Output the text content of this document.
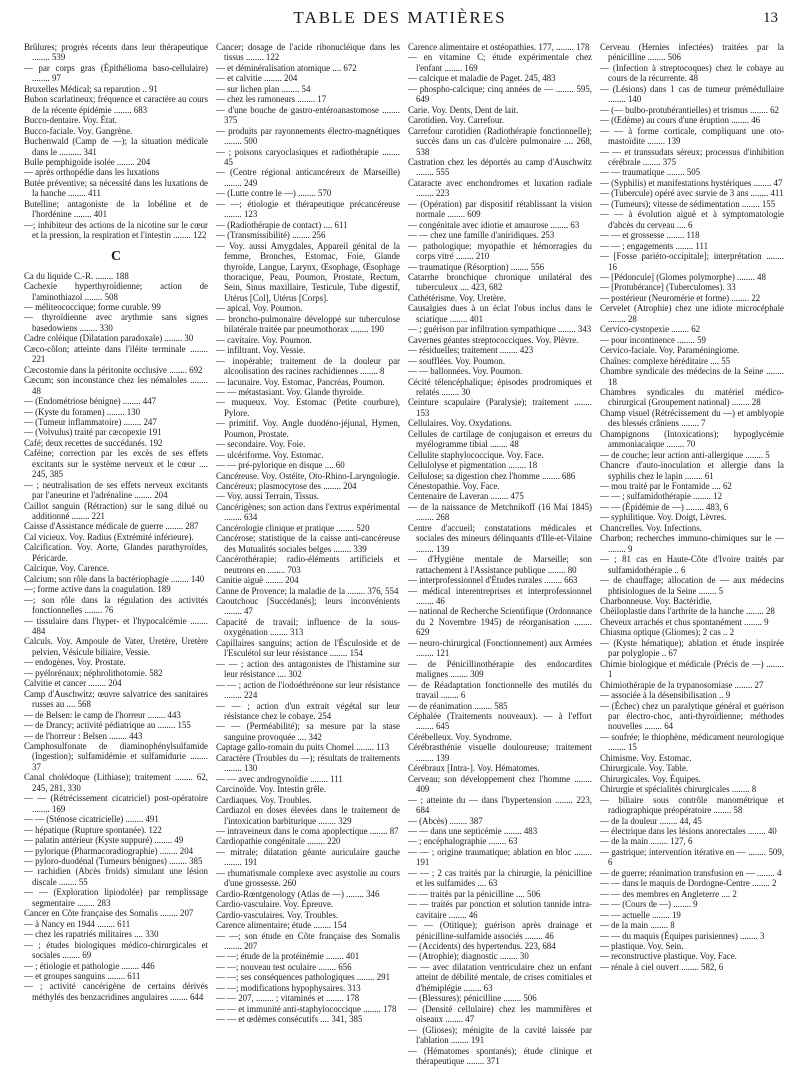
TABLE DES MATIÈRES	13

Brûlures; progrès récents dans leur thérapeutique ........ 539

— par corps gras (Épithélioma baso-cellulaire) ........ 97

Bruxelles Médical; sa reparution .. 91

Bubon scarlatineux; fréquence et caractère au cours de la récente épidémie ........ 683

Bucco-dentaire. Voy. État.

Bucco-faciale. Voy. Gangrène.

Buchenwald (Camp de —); la situation médicale dans le .......... 341

Bulle pemphigoïde isolée ........ 204

— après orthopédie dans les luxations

Butée préventive; sa nécessité dans les luxations de la hanche ........ 411

Butelline; antagoniste de la lobéline et de l'hordénine ........ 401

—; inhibiteur des actions de la nicotine sur le cœur et la pression, la respiration et l'intestin ........ 122

C

Ca du liquide C.-R. ........ 188

Cachexie hyperthyroïdienne; action de l'aminothiazol ........ 508

— méliteococcique; forme curable. 99

— thyroïdienne avec arythmie sans signes basedowiens ........ 330

Cadre coléique (Dilatation paradoxale) ........ 30

Cæco-côlon; atteinte dans l'iléite terminale ........ 221

Cæcostomie dans la péritonite occlusive ........ 692

Cæcum; son inconstance chez les némaloles ........ 48

— (Endométriose bénigne) ........ 447

— (Kyste du foramen) ........ 130

— (Tumeur inflammatoire) ........ 247

— (Volvulus) traité par cæcopexie 191

Café; deux recettes de succédanés. 192

Caféine; correction par les excès de ses effets excitants sur le système nerveux et le cœur .... 245, 385

— ; neutralisation de ses effets nerveux excitants par l'aneurine et l'adrénaline ........ 204

Caillot sanguin (Rétraction) sur le sang dilué ou additionné ........ 221

Caisse d'Assistance médicale de guerre ........ 287

Cal vicieux. Voy. Radius (Extrémité inférieure).

Calcification. Voy. Aorte, Glandes parathyroïdes, Péricarde.

Calcique. Voy. Carence.

Calcium; son rôle dans la bactériophagie ........ 140

—; forme active dans la coagulation. 189

—; son rôle dans la régulation des activités fonctionnelles ........ 76

— tissulaire dans l'hyper- et l'hypocalcémie ........ 484

Calculs. Voy. Ampoule de Vater, Uretère, Uretère pelvien, Vésicule biliaire, Vessie.

— endogènes. Voy. Prostate.

— pyélorénaux; néphrolithotomie. 582

Calvitie et cancer ........ 204

Camp d'Auschwitz; œuvre salvatrice des sanitaires russes au .... 568

— de Belsen: le camp de l'horreur ........ 443

— de Drancy; activité pédiatrique au ........ 155

— de l'horreur : Belsen ........ 443

Camphosulfonate de diaminophénylsulfamide (Ingestion); sulfamidémie et sulfamidurie ........ 37

Canal cholédoque (Lithiase); traitement ........ 62, 245, 281, 330

— — (Rétrécissement cicatriciel) post-opératoire ........ 169

— — (Sténose cicatricielle) ........ 491

— hépatique (Rupture spontanée). 122

— palatin antérieur (Kyste suppuré) ........ 49

— pylorique (Pharmacoradiographie) ........ 204

— pyloro-duodénal (Tumeurs bénignes) ........ 385

— rachidien (Abcès froids) simulant une lésion discale ........ 55

— — (Exploration lipiodolée) par remplissage segmentaire ........ 283

Cancer en Côte française des Somalis ........ 207

— à Nancy en 1944 ........ 611

— chez les rapatriés militaires .... 330

— ; études biologiques médico-chirurgicales et sociales ........ 69

— ; étiologie et pathologie ........ 446

— et groupes sanguins ........ 611

— ; activité cancérigène de certains dérivés méthylés des benzacridines angulaires ........ 644

Cancer; dosage de l'acide ribonucléique dans les tissus ........ 122

— et déminéralisation atomique .... 672

— et calvitie ........ 204

— sur lichen plan ........ 54

— chez les ramoneurs ........ 17

— d'une bouche de gastro-entéroanastomose ........ 375

— produits par rayonnements électro-magnétiques ........ 500

— ; poisons caryoclasiques et radiothérapie ........ 45

— (Centre régional anticancéreux de Marseille) ........ 249

— (Lutte contre le —) ........ 570

— —; étiologie et thérapeutique précancéreuse ........ 123

— (Radiothérapie de contact) .... 611

— (Transmissibilité) ........ 256

— Voy. aussi Amygdales, Appareil génital de la femme, Bronches, Estomac, Foie, Glande thyroïde, Langue, Larynx, Œsophage, Œsophage thoracique, Peau, Poumon, Prostate, Rectum, Sein, Sinus maxillaire, Testicule, Tube digestif, Utérus [Col], Utérus [Corps].

— apical. Voy. Poumon.

— broncho-pulmonaire développé sur tuberculose bilatérale traitée par pneumothorax ........ 190

— cavitaire. Voy. Poumon.

— infiltrant. Voy. Vessie.

— inopérable; traitement de la douleur par alcoolisation des racines rachidiennes ........ 8

— lacunaire. Voy. Estomac, Pancréas, Poumon.

— — métastasiant. Voy. Glande thyroïde.

— muqueux. Voy. Estomac (Petite courbure), Pylore.

— primitif. Voy. Angle duodéno-jéjunal, Hymen, Poumon, Prostate.

— secondaire. Voy. Foie.

— ulcériforme. Voy. Estomac.

— — pré-pylorique en disque .... 60

Cancéreuse. Voy. Ostéite, Oto-Rhino-Laryngologie.

Cancéreux; plasmocytose des ........ 204

— Voy. aussi Terrain, Tissus.

Cancérigènes; son action dans l'extrus expérimental ........ 634

Cancérologie clinique et pratique ........ 520

Cancérose; statistique de la caisse anti-cancéreuse des Mutualités sociales belges ........ 339

Cancérothérapie; radio-éléments artificiels et neutrons en ........ 703

Canitie aiguë ........ 204

Canne de Provence; la maladie de la ........ 376, 554

Caoutchouc [Succédanés]; leurs inconvénients ........ 47

Capacité de travail; influence de la sous-oxygénation ........ 313

Capillaires sanguins; action de l'Ésculoside et de l'Esculétol sur leur résistance ........ 154

— — ; action des antagonistes de l'histamine sur leur résistance .... 302

— — ; action de l'iodoéthrénone sur leur résistance ........ 224

— — ; action d'un extrait végétal sur leur résistance chez le cobaye. 254

— — (Perméabilité); sa mesure par la stase sanguine provoquée .... 342

Captage gallo-romain du puits Chomel ........ 113

Caractère (Troubles du —); résultats de traitements ........ 130

— — avec androgynoïdie ........ 111

Carcinoïde. Voy. Intestin grêle.

Cardiaques. Voy. Troubles.

Cardiazol en doses élevées dans le traitement de l'intoxication barbiturique ........ 329

— intraveineux dans le coma apoplectique ........ 87

Cardiopathie congénitale ........ 220

— mitrale; dilatation géante auriculaire gauche ........ 191

— rhumatismale complexe avec asystolie au cours d'une grossesse. 260

Cardio-Rœntgenology (Atlas de —) ........ 346

Cardio-vasculaire. Voy. Épreuve.

Cardio-vasculaires. Voy. Troubles.

Carence alimentaire; étude ........ 154

— —; son étude en Côte française des Somalis ........ 207

— —; étude de la protéinémie ........ 401

— —; nouveau test oculaire ........ 656

— —; ses conséquences pathologiques ........ 291

— —; modifications hypophysaires. 313

— — 207, ........ ; vitaminés et ........ 178

— — et immunité anti-staphylococcique ........ 178

— — et œdèmes consécutifs .... 341, 385

Carence alimentaire et ostéopathies. 177, ........ 178

— en vitamine C; étude expérimentale chez l'enfant ........ 169

— calcique et maladie de Paget. 245, 483

— phospho-calcique; cinq années de — ........ 595, 649

Carie. Voy. Dents, Dent de lait.

Carotidien. Voy. Carrefour.

Carrefour carotidien (Radiothérapie fonctionnelle); succès dans un cas d'ulcère pulmonaire .... 268, 538

Castration chez les déportés au camp d'Auschwitz ........ 555

Cataracte avec enchondromes et luxation radiale ........ 223

— (Opération) par dispositif rétablissant la vision normale ........ 609

— congénitale avec idiotie et amaurose ........ 63

— — chez une famille d'aniridiques. 253

— pathologique; myopathie et hémorragies du corps vitré ........ 210

— traumatique (Résorption) ........ 556

Catarrhe bronchique chronique unilatéral des tuberculeux .... 423, 682

Cathétérisme. Voy. Uretère.

Causalgies dues à un éclat l'obus inclus dans le sciatique ........ 401

— ; guérison par infiltration sympathique ........ 343

Cavernes géantes streptococciques. Voy. Plèvre.

— résiduelles; traitement ........ 423

— soufflées. Voy. Poumon.

— — ballonnées. Voy. Poumon.

Cécité télencéphalique; épisodes prodromiques et relatés ........ 30

Ceinture scapulaire (Paralysie); traitement ........ 153

Cellulaires. Voy. Oxydations.

Cellules de cartilage de conjugaison et erreurs du myélogramme tibial ........ 48

Cellulite staphylococcique. Voy. Face.

Cellulolyse et pigmentation ........ 18

Cellulose; sa digestion chez l'homme ........ 686

Cénestopathie. Voy. Face.

Centenaire de Laveran ........ 475

— de la naissance de Metchnikoff (16 Mai 1845) ........ 268

Centre d'accueil; constatations médicales et sociales des mineurs délinquants d'Ille-et-Vilaine ........ 139

— d'Hygiène mentale de Marseille; son rattachement à l'Assistance publique ........ 80

— interprofessionnel d'Études rurales ........ 663

— médical interentreprises et interprofessionnel ........ 46

— national de Recherche Scientifique (Ordonnance du 2 Novembre 1945) de réorganisation ........ 629

— neuro-chirurgical (Fonctionnement) aux Armées ........ 121

— de Pénicillinothérapie des endocardites malignes ........ 309

— de Réadaptation fonctionnelle des mutilés du travail ........ 6

— de réanimation ........ 585

Céphalée (Traitements nouveaux). — à l'effort ........ 645

Cérébelleux. Voy. Syndrome.

Cérébrasthénie visuelle douloureuse; traitement ........ 139

Cérébraux [Intra-]. Voy. Hématomes.

Cerveau; son développement chez l'homme ........ 409

— ; atteinte du — dans l'hypertension ........ 223, 684

— (Abcès) ........ 387

— — dans une septicémie ........ 483

— ; encéphalographie ........ 63

— — ; origine traumatique; ablation en bloc ........ 191

— — ; 2 cas traités par la chirurgie, la pénicilline et les sulfamides .... 63

— — traités par la pénicilline .... 506

— — traités par ponction et solution tannide intra-cavitaire ........ 46

— — (Otitique); guérison après drainage et pénicilline-sulfamide associés ........ 46

— (Accidents) des hypertendus. 223, 684

— (Atrophie); diagnostic ........ 30

— — avec dilatation ventriculaire chez un enfant atteint de débilité mentale, de crises comitiales et d'hémiplégie ........ 63

— (Blessures); pénicilline ........ 506

— (Densité cellulaire) chez les mammifères et oiseaux ........ 47

— (Glioses); ménigite de la cavité laissée par l'ablation ........ 191

— (Hématomes spontanés); étude clinique et thérapeutique ........ 371

Cerveau (Hernies infectées) traitées par la pénicilline ........ 506

— (Infection à streptocoques) chez le cobaye au cours de la récurrente. 48

— (Lésions) dans 1 cas de tumeur prémédullaire ........ 140

— (— bulbo-protubérantielles) et trismus ........ 62

— (Œdème) au cours d'une éruption ........ 46

— — à forme corticale, compliquant une oto-mastoïdite ........ 139

— — et transsudats séreux; processus d'inhibition cérébrale ........ 375

— — traumatique ........ 505

— (Syphilis) et manifestations hystériques ........ 47

— (Tubercule) opéré avec survie de 3 ans ........ 411

— (Tumeurs); vitesse de sédimentation ........ 155

— — à évolution aiguë et à symptomatologie d'abcès du cerveau .... 6

— — et grossesse ........ 118

— — ; engagements ........ 111

— [Fosse pariéto-occipitale]; interprétation ........ 16

— [Pédoncule] (Glomes polymorphe) ........ 48

— [Protubérance] (Tuberculomes). 33

— postérieur (Neuromérie et forme) ........ 22

Cervelet (Atrophie) chez une idiote microcéphale ........ 28

Cervico-cystopexie ........ 62

— pour incontinence ........ 59

Cervico-faciale. Voy. Paraméningiome.

Chaînes: complexe héréditaire .... 55

Chambre syndicale des médecins de la Seine ........ 18

Chambres syndicales du matériel médico-chirurgical (Groupement national) ........ 28

Champ visuel (Rétrécissement du —) et amblyopie des blessés crâniens ........ 7

Champignons (Intoxications); hypoglycémie ammoniacaïque ........ 70

— de couche; leur action anti-allergique ........ 5

Chancre d'auto-inoculation et allergie dans la syphilis chez le lapin ........ 61

— mou traité par le Fontamide .... 62

— — ; sulfamidothérapie ........ 12

— — (Épidémie de —) ........ 483, 6

— syphilitique. Voy. Doigt, Lèvres.

Chancrelles. Voy. Infections.

Charbon; recherches immuno-chimiques sur le — ........ 9

— ; 81 cas en Haute-Côte d'Ivoire traités par sulfamidothérapie .. 6

— de chauffage; allocation de — aux médecins phtisiologues de la Seine ........ 5

Charbonneuse. Voy. Bactéridie.

Chéiloplastie dans l'arthrite de la hanche ........ 28

Cheveux arrachés et chus spontanément ........ 9

Chiasma optique (Gliomes); 2 cas .. 2

— (Kyste hématique); ablation et étude inspirée par polyglopie .. 67

Chimie biologique et médicale (Précis de —) ........ 1

Chimiothérapie de la trypanosomiase ........ 27

— associée à la désensibilisation .. 9

— (Échec) chez un paralytique général et guérison par électro-choc, anti-thyroïdienne; méthodes nouvelles ........ 64

— soufrée; le thiophène, médicament neurologique ........ 15

Chimisme. Voy. Estomac.

Chirurgicale. Voy. Table.

Chirurgicales. Voy. Équipes.

Chirurgie et spécialités chirurgicales ........ 8

— biliaire sous contrôle manométrique et radiographique préopératoire ........ 58

— de la douleur ........ 44, 45

— électrique dans les lésions anorectales ........ 40

— de la main ........ 127, 6

— gastrique; intervention itérative en — ........ 509, 6

— de guerre; réanimation transfusion en — ........ 4

— — dans le maquis de Dordogne-Centre ........ 2

— — des membres en Angleterre .... 2

— — (Cours de —) ........ 9

— — actuelle ........ 19

— de la main ........ 8

— — du maquis (Équipes parisiennes) ........ 3

— plastique. Voy. Sein.

— reconstructive plastique. Voy. Face.

— rénale à ciel ouvert ........ 582, 6
